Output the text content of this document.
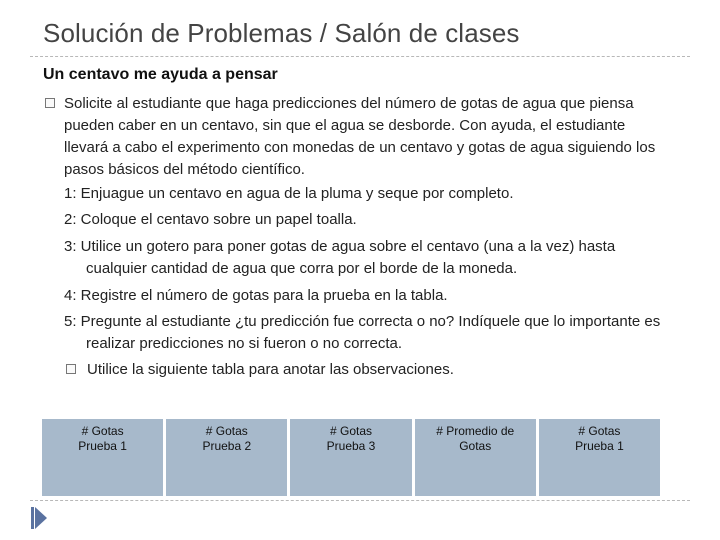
Solución de Problemas / Salón de clases
Un centavo me ayuda a pensar
Solicite al estudiante que haga predicciones del número de gotas de agua que piensa pueden caber en un centavo, sin que el agua se desborde. Con ayuda, el estudiante llevará a cabo el experimento con monedas de un centavo y gotas de agua siguiendo los pasos básicos del método científico.
1: Enjuague un centavo en agua de la pluma y seque por completo.
2: Coloque el centavo sobre un papel toalla.
3: Utilice un gotero para poner gotas de agua sobre el centavo (una a la vez) hasta cualquier cantidad de agua que corra por el borde de la moneda.
4: Registre el número de gotas para la prueba en la tabla.
5: Pregunte al estudiante ¿tu predicción fue correcta o no? Indíquele que lo importante es realizar predicciones no si fueron o no correcta.
Utilice la siguiente tabla para anotar las observaciones.
# Gotas
Prueba 1
# Gotas
Prueba 2
# Gotas
Prueba 3
# Promedio de
Gotas
# Gotas
Prueba 1
